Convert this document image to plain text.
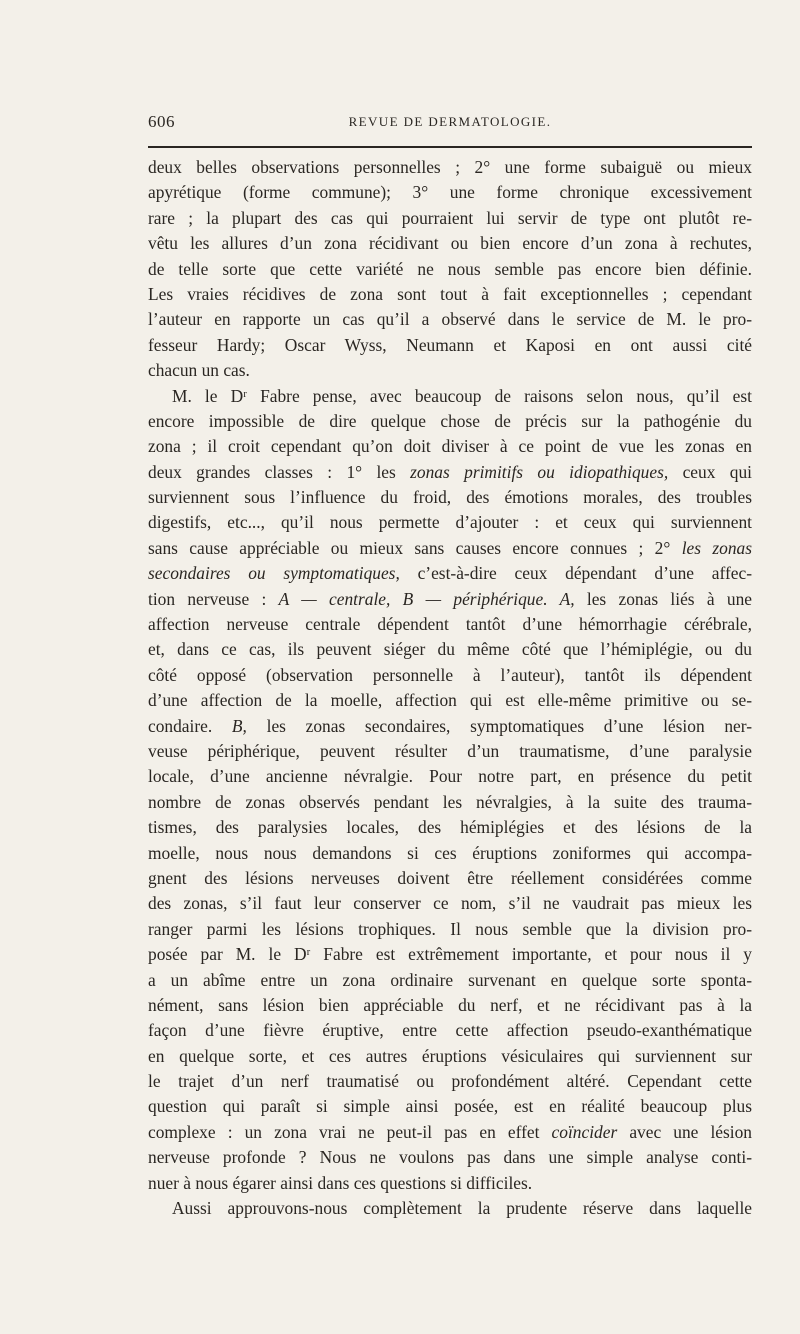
606	REVUE DE DERMATOLOGIE.
deux belles observations personnelles ; 2° une forme subaiguë ou mieux
apyrétique (forme commune); 3° une forme chronique excessivement
rare ; la plupart des cas qui pourraient lui servir de type ont plutôt re-
vêtu les allures d’un zona récidivant ou bien encore d’un zona à rechutes,
de telle sorte que cette variété ne nous semble pas encore bien définie.
Les vraies récidives de zona sont tout à fait exceptionnelles ; cependant
l’auteur en rapporte un cas qu’il a observé dans le service de M. le pro-
fesseur Hardy; Oscar Wyss, Neumann et Kaposi en ont aussi cité
chacun un cas.
M. le Dʳ Fabre pense, avec beaucoup de raisons selon nous, qu’il est
encore impossible de dire quelque chose de précis sur la pathogénie du
zona ; il croit cependant qu’on doit diviser à ce point de vue les zonas en
deux grandes classes : 1° les zonas primitifs ou idiopathiques, ceux qui
surviennent sous l’influence du froid, des émotions morales, des troubles
digestifs, etc..., qu’il nous permette d’ajouter : et ceux qui surviennent
sans cause appréciable ou mieux sans causes encore connues ; 2° les zonas
secondaires ou symptomatiques, c’est-à-dire ceux dépendant d’une affec-
tion nerveuse : A — centrale, B — périphérique. A, les zonas liés à une
affection nerveuse centrale dépendent tantôt d’une hémorrhagie cérébrale,
et, dans ce cas, ils peuvent siéger du même côté que l’hémiplégie, ou du
côté opposé (observation personnelle à l’auteur), tantôt ils dépendent
d’une affection de la moelle, affection qui est elle-même primitive ou se-
condaire. B, les zonas secondaires, symptomatiques d’une lésion ner-
veuse périphérique, peuvent résulter d’un traumatisme, d’une paralysie
locale, d’une ancienne névralgie. Pour notre part, en présence du petit
nombre de zonas observés pendant les névralgies, à la suite des trauma-
tismes, des paralysies locales, des hémiplégies et des lésions de la
moelle, nous nous demandons si ces éruptions zoniformes qui accompa-
gnent des lésions nerveuses doivent être réellement considérées comme
des zonas, s’il faut leur conserver ce nom, s’il ne vaudrait pas mieux les
ranger parmi les lésions trophiques. Il nous semble que la division pro-
posée par M. le Dʳ Fabre est extrêmement importante, et pour nous il y
a un abîme entre un zona ordinaire survenant en quelque sorte sponta-
nément, sans lésion bien appréciable du nerf, et ne récidivant pas à la
façon d’une fièvre éruptive, entre cette affection pseudo-exanthématique
en quelque sorte, et ces autres éruptions vésiculaires qui surviennent sur
le trajet d’un nerf traumatisé ou profondément altéré. Cependant cette
question qui paraît si simple ainsi posée, est en réalité beaucoup plus
complexe : un zona vrai ne peut-il pas en effet coïncider avec une lésion
nerveuse profonde ? Nous ne voulons pas dans une simple analyse conti-
nuer à nous égarer ainsi dans ces questions si difficiles.
Aussi approuvons-nous complètement la prudente réserve dans laquelle
